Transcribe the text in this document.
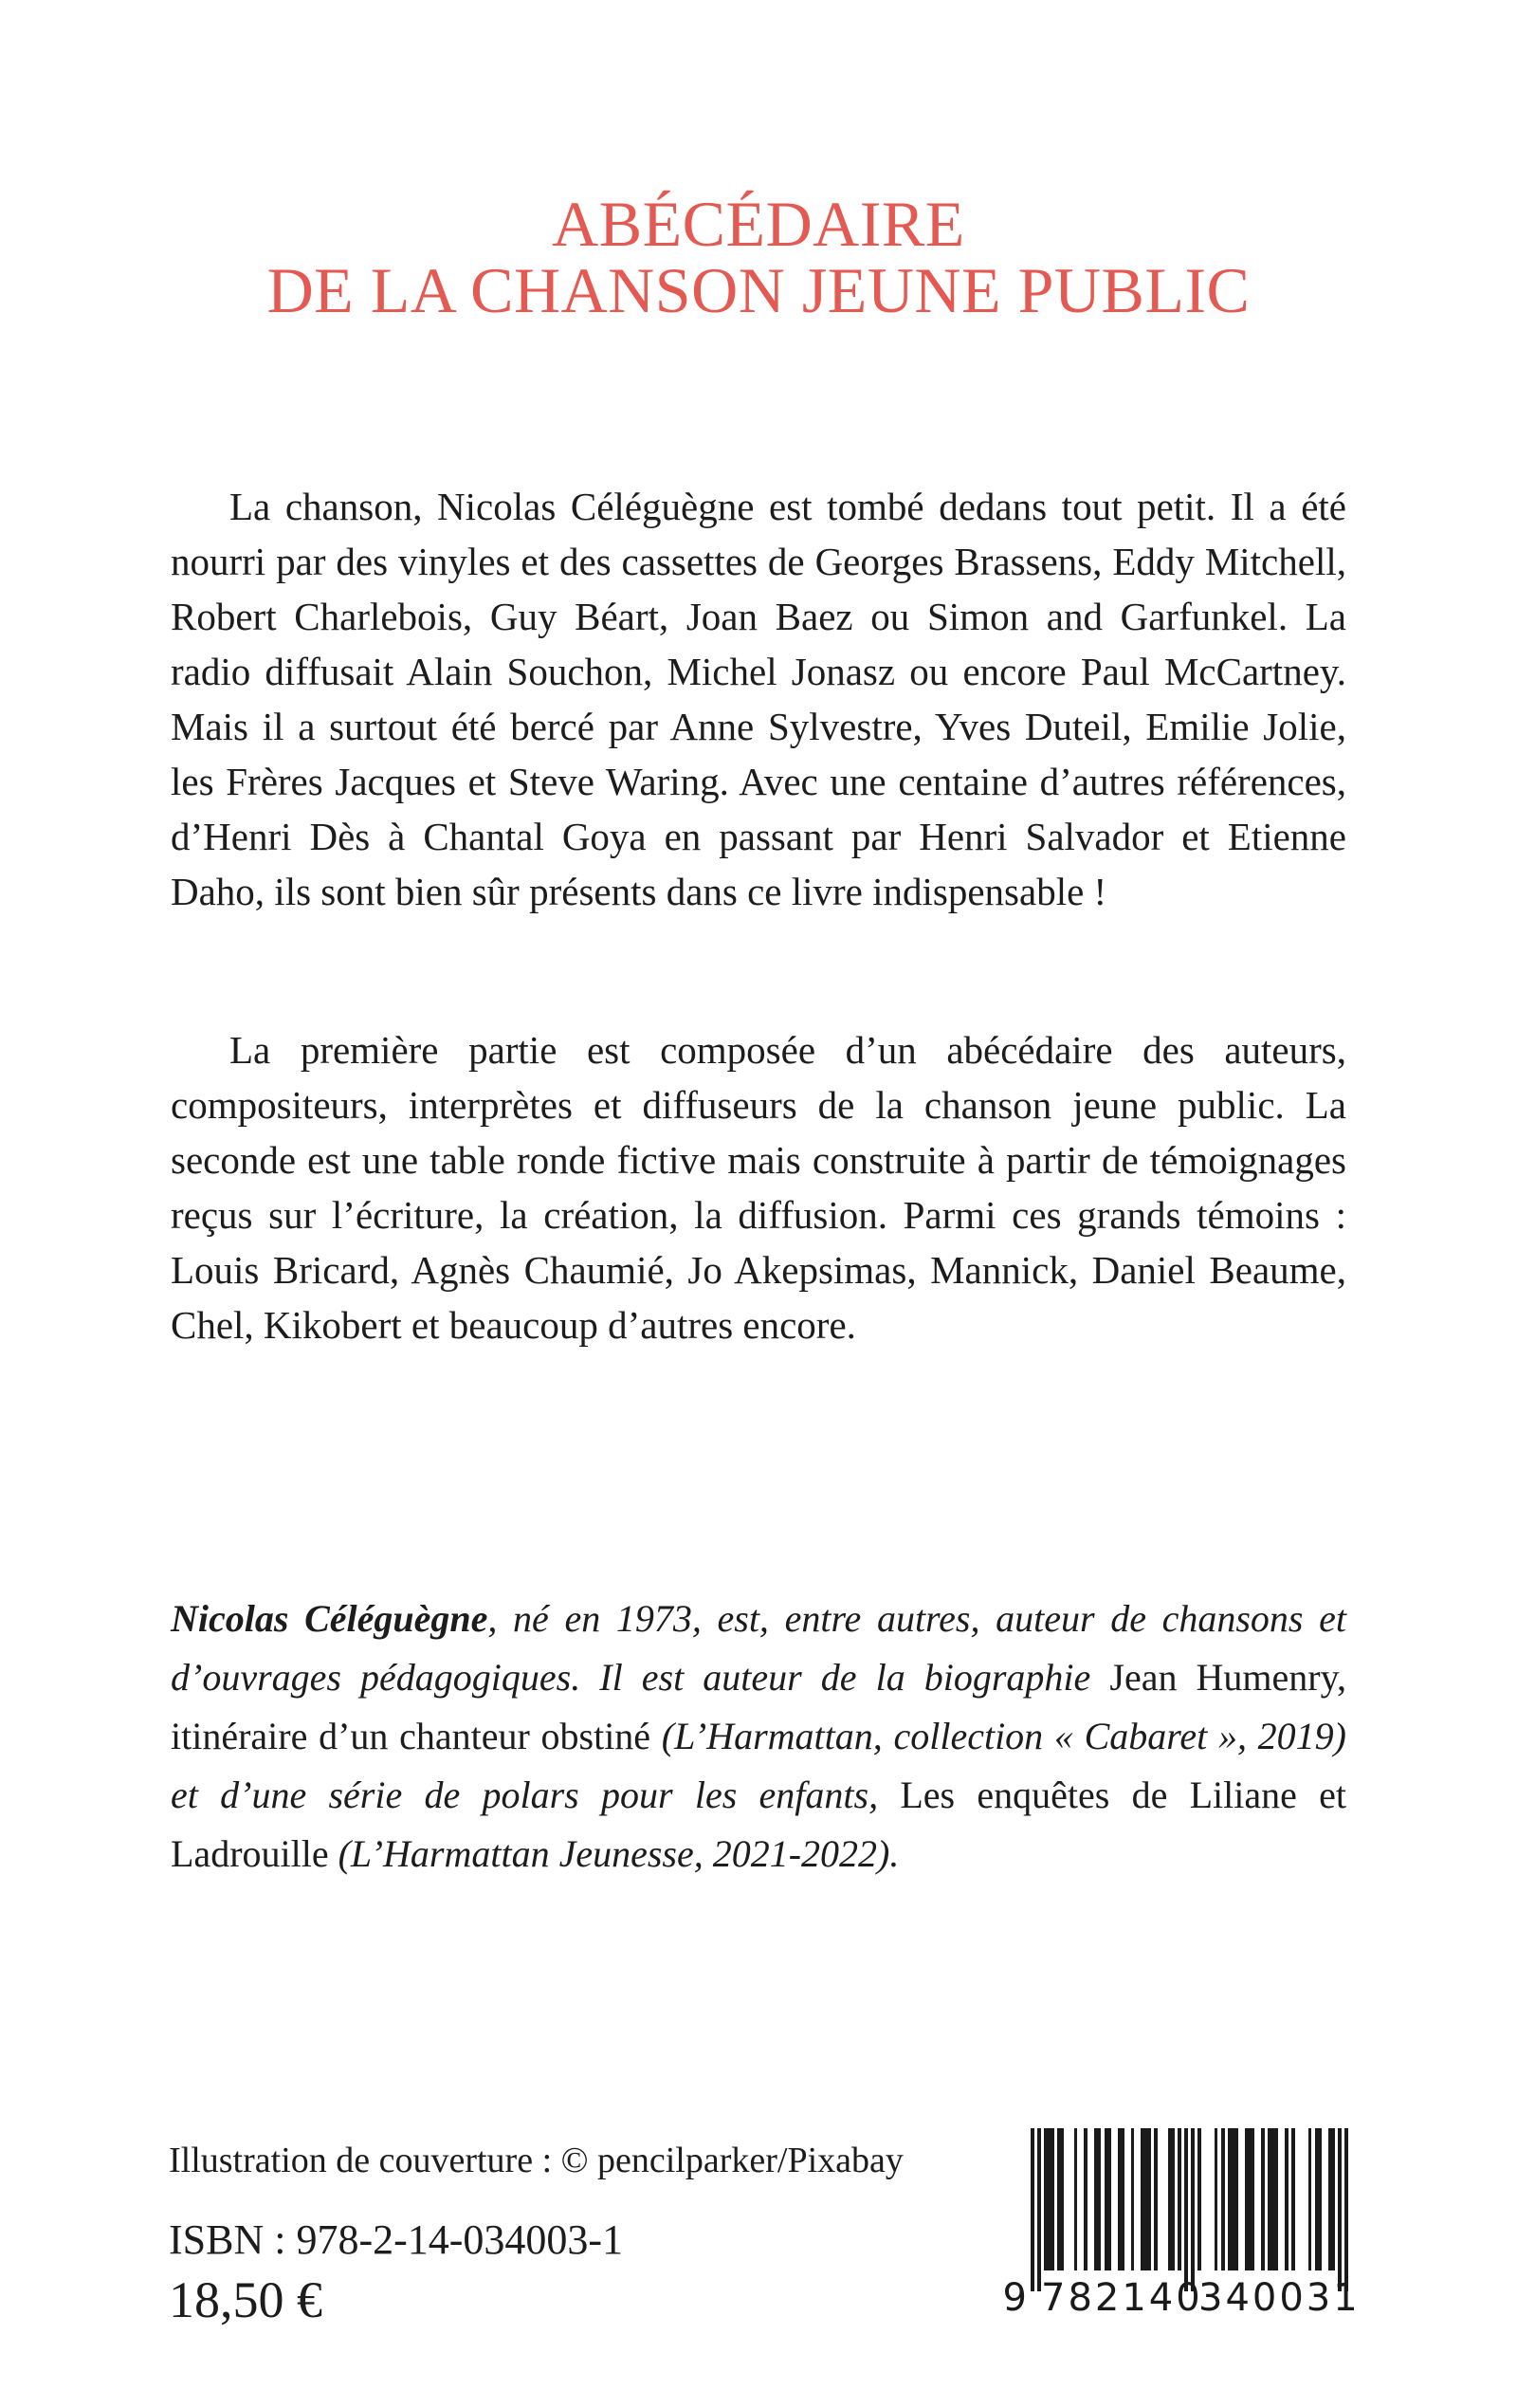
ABÉCÉDAIRE
DE LA CHANSON JEUNE PUBLIC

La chanson, Nicolas Céléguègne est tombé dedans tout petit. Il a été nourri par des vinyles et des cassettes de Georges Brassens, Eddy Mitchell, Robert Charlebois, Guy Béart, Joan Baez ou Simon and Garfunkel. La radio diffusait Alain Souchon, Michel Jonasz ou encore Paul McCartney. Mais il a surtout été bercé par Anne Sylvestre, Yves Duteil, Emilie Jolie, les Frères Jacques et Steve Waring. Avec une centaine d’autres références, d’Henri Dès à Chantal Goya en passant par Henri Salvador et Etienne Daho, ils sont bien sûr présents dans ce livre indispensable !

La première partie est composée d’un abécédaire des auteurs, compositeurs, interprètes et diffuseurs de la chanson jeune public. La seconde est une table ronde fictive mais construite à partir de témoignages reçus sur l’écriture, la création, la diffusion. Parmi ces grands témoins : Louis Bricard, Agnès Chaumié, Jo Akepsimas, Mannick, Daniel Beaume, Chel, Kikobert et beaucoup d’autres encore.

Nicolas Céléguègne, né en 1973, est, entre autres, auteur de chansons et d’ouvrages pédagogiques. Il est auteur de la biographie Jean Humenry, itinéraire d’un chanteur obstiné (L’Harmattan, collection « Cabaret », 2019) et d’une série de polars pour les enfants, Les enquêtes de Liliane et Ladrouille (L’Harmattan Jeunesse, 2021-2022).

Illustration de couverture : © pencilparker/Pixabay
ISBN : 978-2-14-034003-1
18,50 €	9 782140
340031
